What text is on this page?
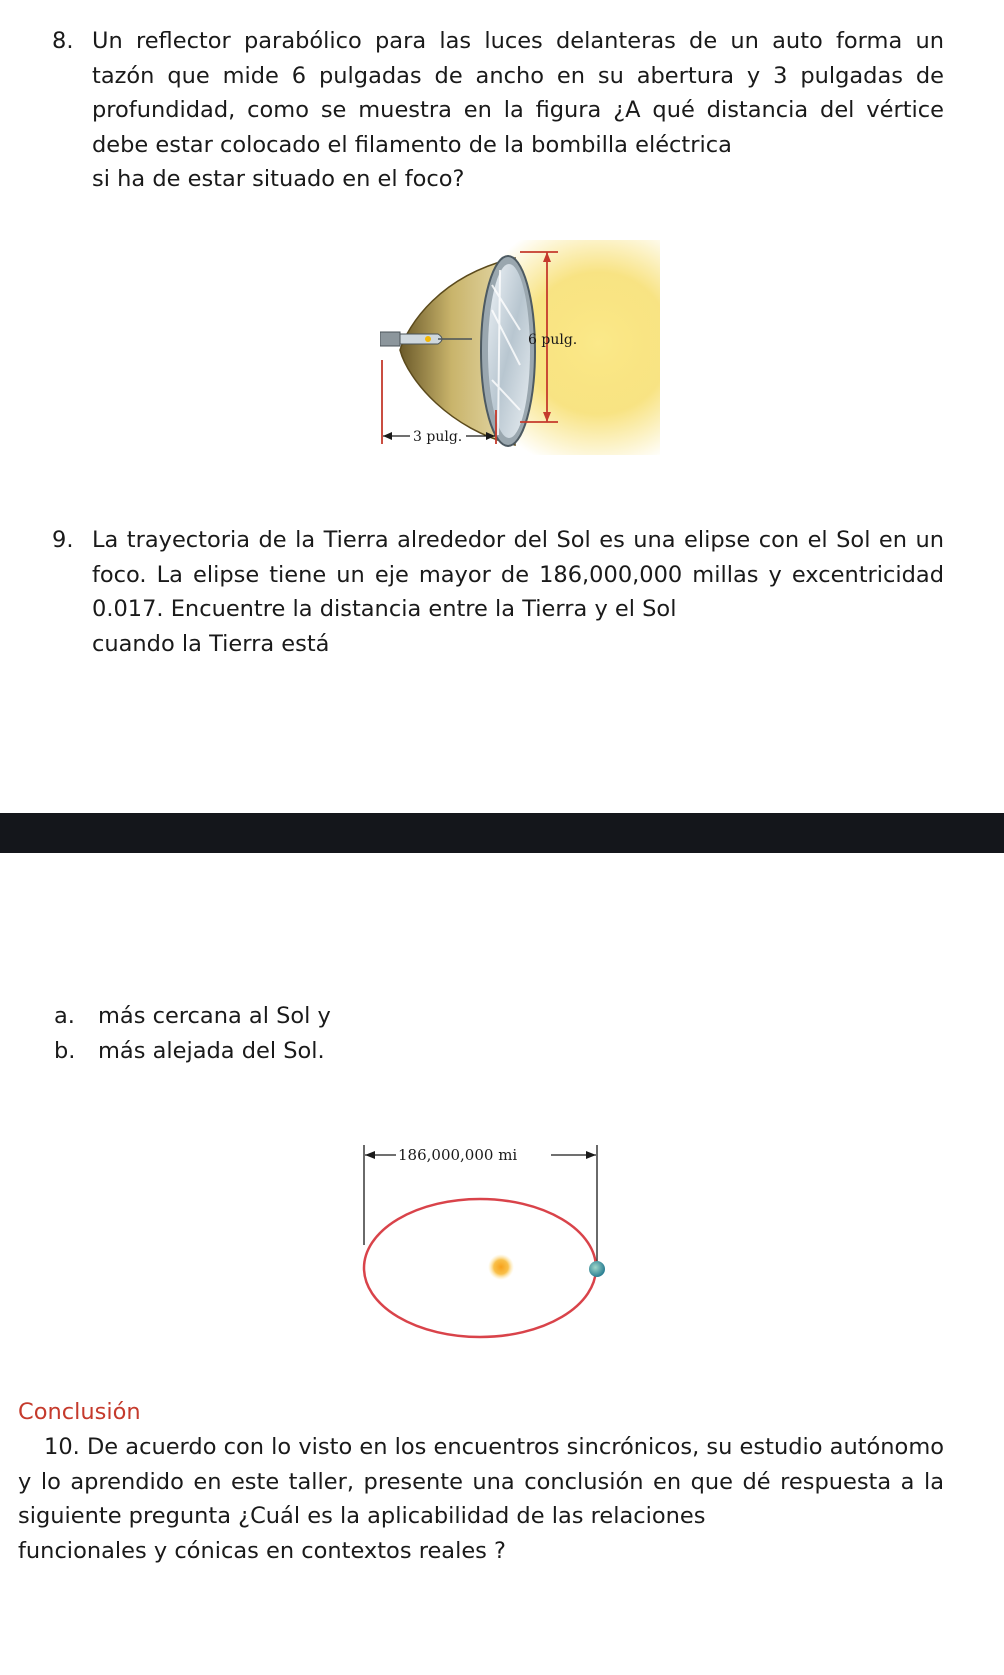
8. Un reflector parabólico para las luces delanteras de un auto forma un tazón que mide 6 pulgadas de ancho en su abertura y 3 pulgadas de profundidad, como se muestra en la figura ¿A qué distancia del vértice debe estar colocado el filamento de la bombilla eléctrica
si ha de estar situado en el foco?
6 pulg.
3 pulg.
9. La trayectoria de la Tierra alrededor del Sol es una elipse con el Sol en un foco. La elipse tiene un eje mayor de 186,000,000 millas y excentricidad 0.017. Encuentre la distancia entre la Tierra y el Sol
cuando la Tierra está
a. más cercana al Sol y
b. más alejada del Sol.
186,000,000 mi
Conclusión
10. De acuerdo con lo visto en los encuentros sincrónicos, su estudio autónomo y lo aprendido en este taller, presente una conclusión en que dé respuesta a la siguiente pregunta ¿Cuál es la aplicabilidad de las relaciones
funcionales y cónicas en contextos reales ?
